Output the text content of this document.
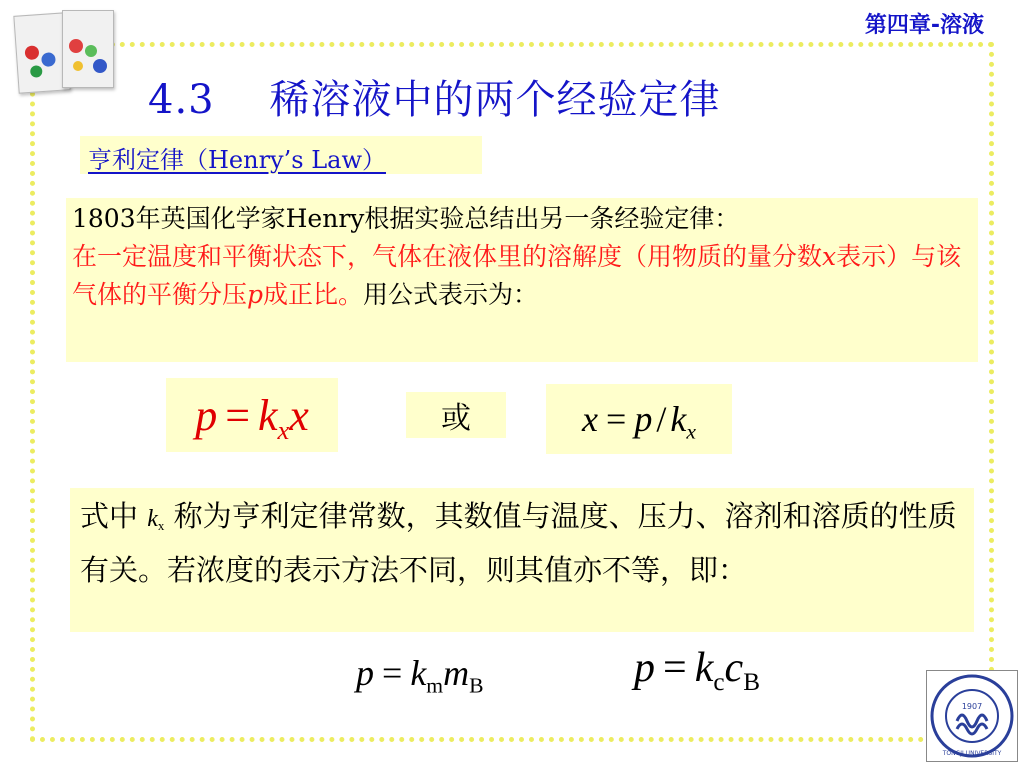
第四章-溶液
4.3    稀溶液中的两个经验定律
亨利定律（Henry’s Law）
1803年英国化学家Henry根据实验总结出另一条经验定律：
在一定温度和平衡状态下，气体在液体里的溶解度（用物质的量分数x表示）与该气体的平衡分压p成正比。用公式表示为：
$p = k_xx$	或	$x = p / k_x$
式中 $k_x$ 称为亨利定律常数，其数值与温度、压力、溶剂和溶质的性质有关。若浓度的表示方法不同，则其值亦不等，即：
$p = k_mm_B$	$p = k_cc_B$
1907
TONGJI UNIVERSITY
